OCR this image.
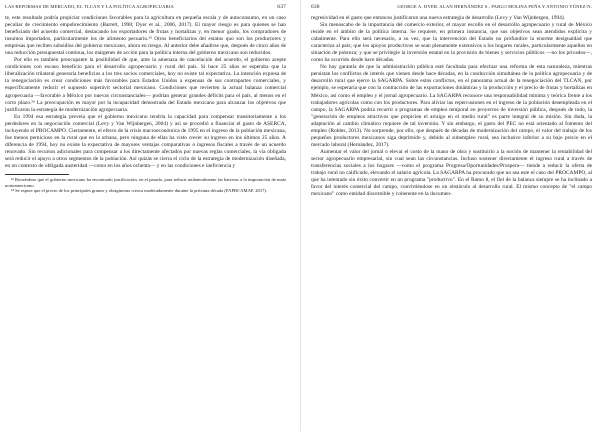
LAS REFORMAS DE MERCADO, EL TLCAN Y LA POLÍTICA AGROPECUARIA	637

te, este resultado podría propiciar condiciones favorables para la agricultura en pequeña escala y de autoconsumo, en un caso peculiar de crecimiento empobrecimiento (Barrett, 1998; Dyer et al., 2006, 2017). El mayor riesgo es para quienes se han beneficiado del acuerdo comercial, destacando los exportadores de frutas y hortalizas y, en menor grado, los compradores de insumos importados, partícularmente los de alimento pecuario.²³ Otros beneficiarios del estatus quo son los productores y empresas que reciben subsidios del gobierno mexicano, ahora en riesgo. Al anterior debe añadirse que, después de cinco años de una reducción presupuestal continua, los márgenes de acción para la política interna del gobierno mexicano son reducidos.

Por ello es también preocupante la posibilidad de que, ante la amenaza de cancelación del acuerdo, el gobierno acepte condiciones con escaso beneficio para el desarrollo agropecuario y rural del país. Si hace 25 años se esperaba que la liberalización trilateral generaría beneficios a los tres socios comerciales, hoy no existe tal expectativa. La intención expresa de la renegociación es crear condiciones más favorables para Estados Unidos a expensas de sus contrapartes comerciales, y específicamente reducir el supuesto superávit sectorial mexicano. Condiciones que revierten la actual balanza comercial agropecuaria —favorable a México por nuevas circunstanciales— podrían generar grandes déficits para el país, al menos en el corto plazo.²⁴ La preocupación es mayor por la incapacidad demostrada del Estado mexicano para alcanzar los objetivos que justificaron la estrategia de modernización agropecuaria.

En 1994 esa estrategia preveía que el gobierno mexicano tendría la capacidad para compensar transitoriamente a los perdedores en la negociación comercial (Levy y Van Wijnbergen, 2004) y así se procedió a financiar el gasto de ASERCA, incluyendo el PROCAMPO. Ciertamente, el efecto de la crisis macroeconómica de 1995 en el ingreso de la población mexicana, fue menos pernicioso en la rural que en la urbana, pero ninguna de ellas ha visto crecer su ingreso en los últimos 25 años. A diferencia de 1994, hoy no existe la expectativa de mayores ventajas comparativas o ingresos fiscales a través de un acuerdo renovado. Sin recursos adicionales para compensar a los directamente afectados por nuevas reglas comerciales, la vía obligada será reducir el apoyo a otros segmentos de la población. Así quizás se cierra el ciclo de la estrategia de modernización diseñada, en un contexto de obligada austeridad —como en los años ochenta— y en las condiciones e ineficiencia y

²³ Recuérdese que el gobierno mexicano ha encontrado justificación, en el pasado, para reducir unilateralmente las barreras a la importación de maíz norteamericano.

²⁴ Se espera que el precio de los principales granos y oleaginosas crezca moderadamente durante la próxima década (FAPRI-AMAP, 2017).

638	GEORGE A. DYER, ALAN HERNÁNDEZ S., PABLO MOLINA PEÑA Y ANTONIO YÚNEZ-N.

regresividad en el gasto que entonces justificaron una nueva estrategia de desarrollo (Levy y Van Wijnbergen, 1994).

Sin menoscabo de la importancia del comercio exterior, el mayor escollo en el desarrollo agropecuario y rural de México reside en el ámbito de la política interna. Se requiere, en primera instancia, que sus objetivos sean atendidos explícita y cabalmente. Para ello será necesario, a su vez, que la intervención del Estado no profundice la enorme desigualdad que caracteriza al país; que los apoyos productivos se sean plenamente extensivos a los hogares rurales, particularmente aquellos en situación de pobreza; y que se privilegie la inversión estatal en la provisión de bienes y servicios públicos —no los privados—, como ha ocurrido desde hace décadas.

No hay garantía de que la administración pública esté facultada para efectuar una reforma de esta naturaleza, mientras persistan los conflictos de interés que vienen desde hace décadas, en la conducción simultánea de la política agropecuaria y de desarrollo rural que ejerce la SAGARPA. Sobre estos conflictos, en el panorama actual de la renegociación del TLCAN, por ejemplo, se esperaría que con la contracción de las exportaciones dinámicas y la producción y el precio de frutas y hortalizas en México, así como el empleo y el jornal agropecuario. La SAGARPA reconoce una responsabilidad mínima y teórica frente a los trabajadores agrícolas como con los productores. Para aliviar las repercusiones en el ingreso de la población desempleada en el campo, la SAGARPA podría recurrir a programas de empleo temporal en proyectos de inversión pública, después de todo, la "generación de empleos atractivos que propicien el arraigo en el medio rural" es parte integral de su misión. Sin duda, la adaptación al cambio climático requiere de tal inversión. Y sin embargo, el gasto del PEC no está orientado al fomento del empleo (Robles, 2013). No sorprende, por ello, que después de décadas de modernización del campo, el valor del trabajo de los pequeños productores mexicanos siga deprimido y, debido al subempleo rural, sea inclusive inferior a su bajo precio en el mercado laboral (Hernández, 2017).

Aumentar el valor del jornal o elevar el costo de la mano de obra y sustituirlo a la noción de mantener la rentabilidad del sector agropecuario empresarial, sin cual sean las circunstancias. Incluso sostener directamente el ingreso rural a través de transferencias sociales a los hogares —como el programa Progresa/Oportunidades/Prospera— tiende a reducir la oferta de trabajo rural no calificado, elevando el salario agrícola. La SAGARPA ha procurado que no sea este el caso del PROCAMPO, al que ha intentado sin éxito convertir en un programa "productivo". En el Ramo 8, el fiel de la balanza siempre se ha inclinado a favor del interés comercial del campo, convirtiéndose en un obstáculo al desarrollo rural. El mismo concepto de "el campo mexicano" como entidad discernible y coherente en la documen-
